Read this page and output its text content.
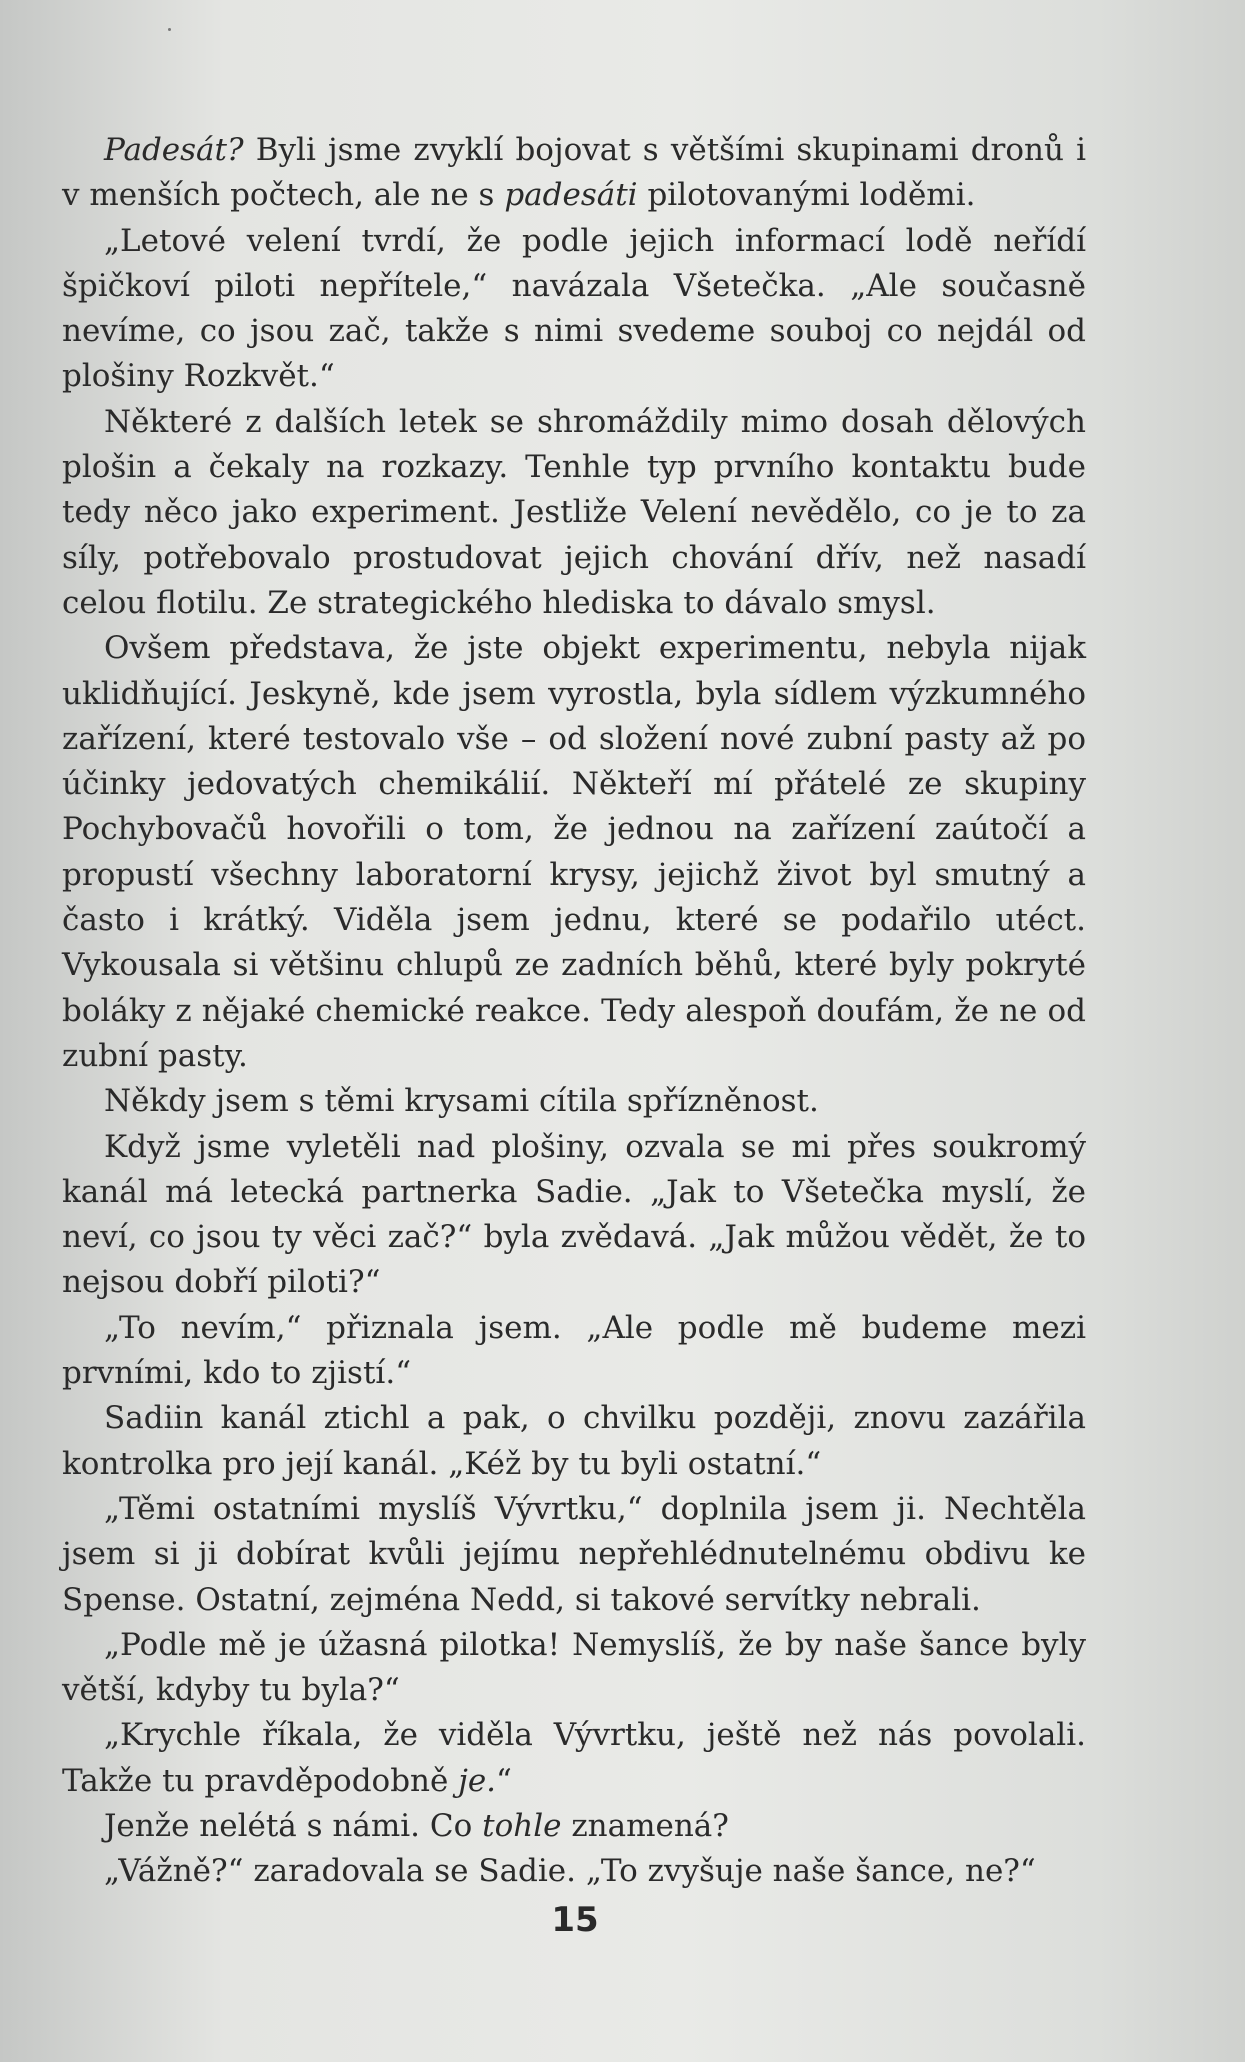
Padesát? Byli jsme zvyklí bojovat s většími skupinami dronů i v menších počtech, ale ne s padesáti pilotovanými loděmi.

„Letové velení tvrdí, že podle jejich informací lodě neřídí špičkoví piloti nepřítele,“ navázala Všetečka. „Ale současně nevíme, co jsou zač, takže s nimi svedeme souboj co nejdál od plošiny Rozkvět.“

Některé z dalších letek se shromáždily mimo dosah dělových plošin a čekaly na rozkazy. Tenhle typ prvního kontaktu bude tedy něco jako experiment. Jestliže Velení nevědělo, co je to za síly, potřebovalo prostudovat jejich chování dřív, než nasadí celou flotilu. Ze strategického hlediska to dávalo smysl.

Ovšem představa, že jste objekt experimentu, nebyla nijak uklidňující. Jeskyně, kde jsem vyrostla, byla sídlem výzkumného zařízení, které testovalo vše – od složení nové zubní pasty až po účinky jedovatých chemikálií. Někteří mí přátelé ze skupiny Pochybovačů hovořili o tom, že jednou na zařízení zaútočí a propustí všechny laboratorní krysy, jejichž život byl smutný a často i krátký. Viděla jsem jednu, které se podařilo utéct. Vykousala si většinu chlupů ze zadních běhů, které byly pokryté boláky z nějaké chemické reakce. Tedy alespoň doufám, že ne od zubní pasty.

Někdy jsem s těmi krysami cítila spřízněnost.

Když jsme vyletěli nad plošiny, ozvala se mi přes soukromý kanál má letecká partnerka Sadie. „Jak to Všetečka myslí, že neví, co jsou ty věci zač?“ byla zvědavá. „Jak můžou vědět, že to nejsou dobří piloti?“

„To nevím,“ přiznala jsem. „Ale podle mě budeme mezi prvními, kdo to zjistí.“

Sadiin kanál ztichl a pak, o chvilku později, znovu zazářila kontrolka pro její kanál. „Kéž by tu byli ostatní.“

„Těmi ostatními myslíš Vývrtku,“ doplnila jsem ji. Nechtěla jsem si ji dobírat kvůli jejímu nepřehlédnutelnému obdivu ke Spense. Ostatní, zejména Nedd, si takové servítky nebrali.

„Podle mě je úžasná pilotka! Nemyslíš, že by naše šance byly větší, kdyby tu byla?“

„Krychle říkala, že viděla Vývrtku, ještě než nás povolali. Takže tu pravděpodobně je.“

Jenže nelétá s námi. Co tohle znamená?

„Vážně?“ zaradovala se Sadie. „To zvyšuje naše šance, ne?“

15
